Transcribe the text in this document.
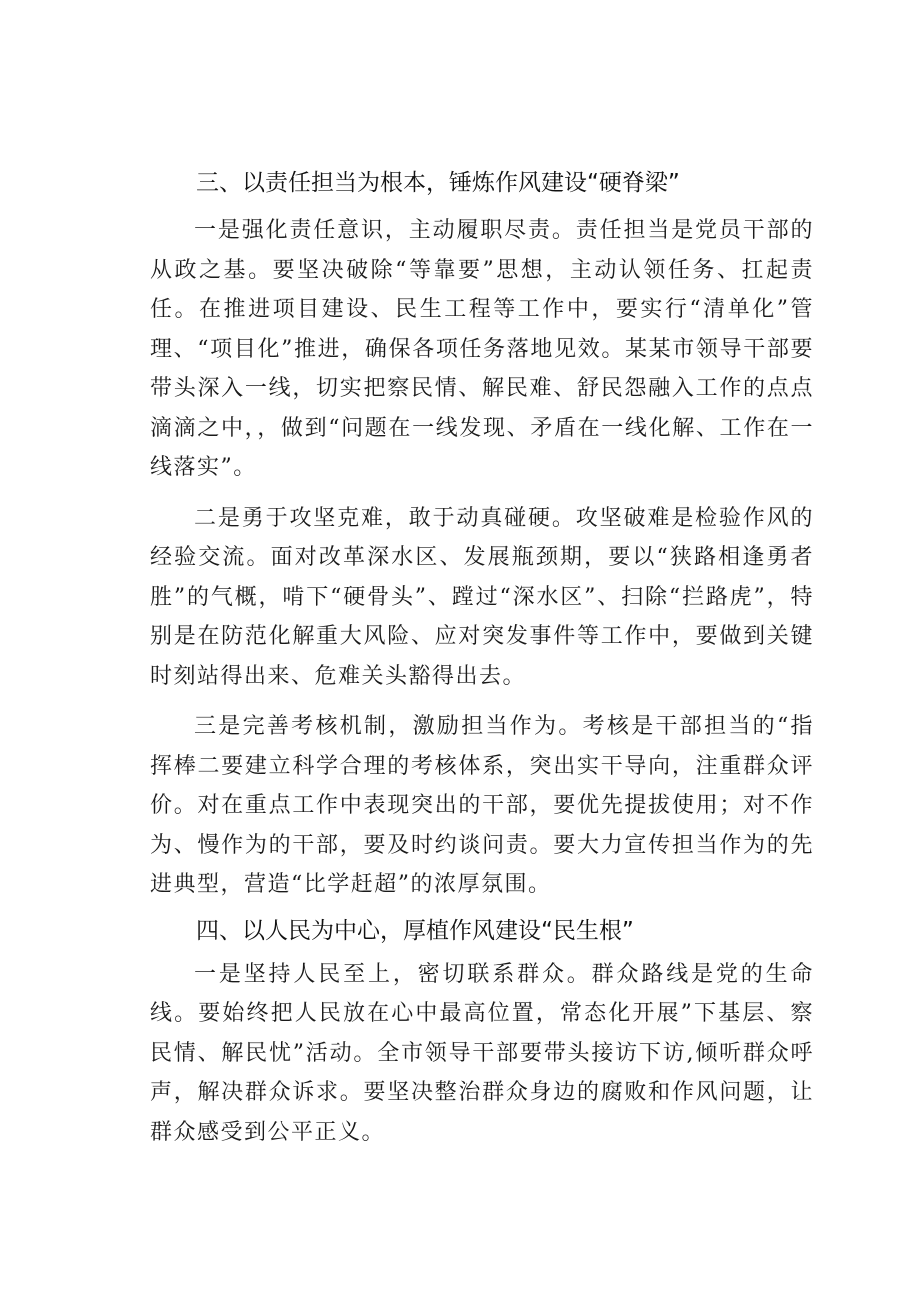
三、以责任担当为根本，锤炼作风建设“硬脊梁”

一是强化责任意识，主动履职尽责。责任担当是党员干部的从政之基。要坚决破除“等靠要”思想，主动认领任务、扛起责任。在推进项目建设、民生工程等工作中，要实行“清单化”管理、“项目化”推进，确保各项任务落地见效。某某市领导干部要带头深入一线，切实把察民情、解民难、舒民怨融入工作的点点滴滴之中，，做到“问题在一线发现、矛盾在一线化解、工作在一线落实”。

二是勇于攻坚克难，敢于动真碰硬。攻坚破难是检验作风的经验交流。面对改革深水区、发展瓶颈期，要以“狭路相逢勇者胜”的气概，啃下“硬骨头”、蹚过“深水区”、扫除“拦路虎”，特别是在防范化解重大风险、应对突发事件等工作中，要做到关键时刻站得出来、危难关头豁得出去。

三是完善考核机制，激励担当作为。考核是干部担当的“指挥棒二要建立科学合理的考核体系，突出实干导向，注重群众评价。对在重点工作中表现突出的干部，要优先提拔使用；对不作为、慢作为的干部，要及时约谈问责。要大力宣传担当作为的先进典型，营造“比学赶超”的浓厚氛围。

四、以人民为中心，厚植作风建设“民生根”

一是坚持人民至上，密切联系群众。群众路线是党的生命线。要始终把人民放在心中最高位置，常态化开展”下基层、察民情、解民忧”活动。全市领导干部要带头接访下访,倾听群众呼声，解决群众诉求。要坚决整治群众身边的腐败和作风问题，让群众感受到公平正义。
